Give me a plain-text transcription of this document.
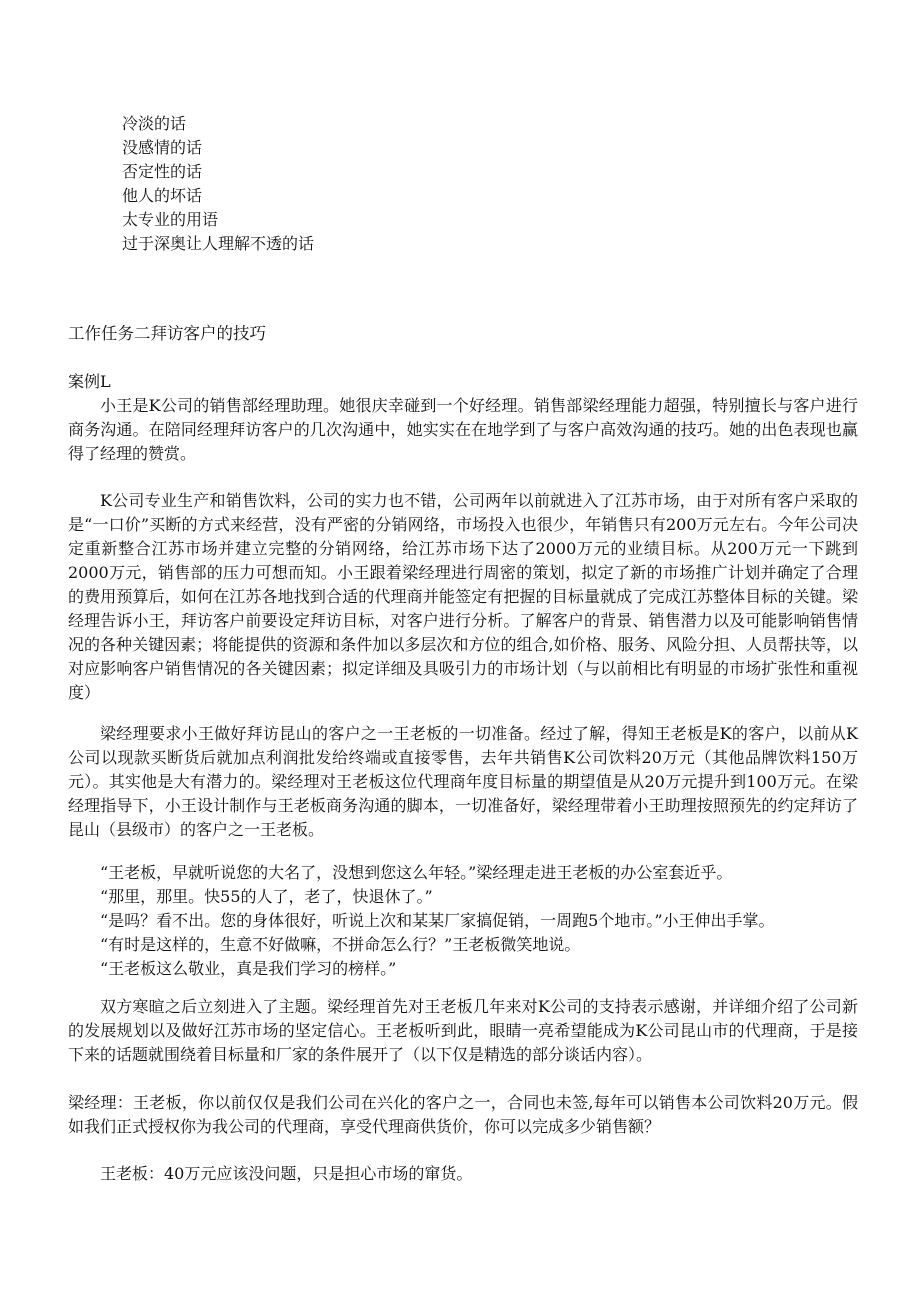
冷淡的话
没感情的话
否定性的话
他人的坏话
太专业的用语
过于深奥让人理解不透的话
工作任务二拜访客户的技巧
案例L

小王是K公司的销售部经理助理。她很庆幸碰到一个好经理。销售部梁经理能力超强，特别擅长与客户进行商务沟通。在陪同经理拜访客户的几次沟通中，她实实在在地学到了与客户高效沟通的技巧。她的出色表现也赢得了经理的赞赏。

K公司专业生产和销售饮料，公司的实力也不错，公司两年以前就进入了江苏市场，由于对所有客户采取的是“一口价”买断的方式来经营，没有严密的分销网络，市场投入也很少，年销售只有200万元左右。今年公司决定重新整合江苏市场并建立完整的分销网络，给江苏市场下达了2000万元的业绩目标。从200万元一下跳到2000万元，销售部的压力可想而知。小王跟着梁经理进行周密的策划，拟定了新的市场推广计划并确定了合理的费用预算后，如何在江苏各地找到合适的代理商并能签定有把握的目标量就成了完成江苏整体目标的关键。梁经理告诉小王，拜访客户前要设定拜访目标，对客户进行分析。了解客户的背景、销售潜力以及可能影响销售情况的各种关键因素；将能提供的资源和条件加以多层次和方位的组合,如价格、服务、风险分担、人员帮扶等，以对应影响客户销售情况的各关键因素；拟定详细及具吸引力的市场计划（与以前相比有明显的市场扩张性和重视度）

梁经理要求小王做好拜访昆山的客户之一王老板的一切准备。经过了解，得知王老板是K的客户，以前从K公司以现款买断货后就加点利润批发给终端或直接零售，去年共销售K公司饮料20万元（其他品牌饮料150万元）。其实他是大有潜力的。梁经理对王老板这位代理商年度目标量的期望值是从20万元提升到100万元。在梁经理指导下，小王设计制作与王老板商务沟通的脚本，一切准备好，梁经理带着小王助理按照预先的约定拜访了昆山（县级市）的客户之一王老板。

“王老板，早就听说您的大名了，没想到您这么年轻。”梁经理走进王老板的办公室套近乎。
“那里，那里。快55的人了，老了，快退休了。”
“是吗？看不出。您的身体很好，听说上次和某某厂家搞促销，一周跑5个地市。”小王伸出手掌。
“有时是这样的，生意不好做嘛，不拼命怎么行？”王老板微笑地说。
“王老板这么敬业，真是我们学习的榜样。”

双方寒暄之后立刻进入了主题。梁经理首先对王老板几年来对K公司的支持表示感谢，并详细介绍了公司新的发展规划以及做好江苏市场的坚定信心。王老板听到此，眼睛一亮希望能成为K公司昆山市的代理商，于是接下来的话题就围绕着目标量和厂家的条件展开了（以下仅是精选的部分谈话内容）。

梁经理：王老板，你以前仅仅是我们公司在兴化的客户之一，合同也未签,每年可以销售本公司饮料20万元。假如我们正式授权你为我公司的代理商，享受代理商供货价，你可以完成多少销售额？

王老板：40万元应该没问题，只是担心市场的窜货。
